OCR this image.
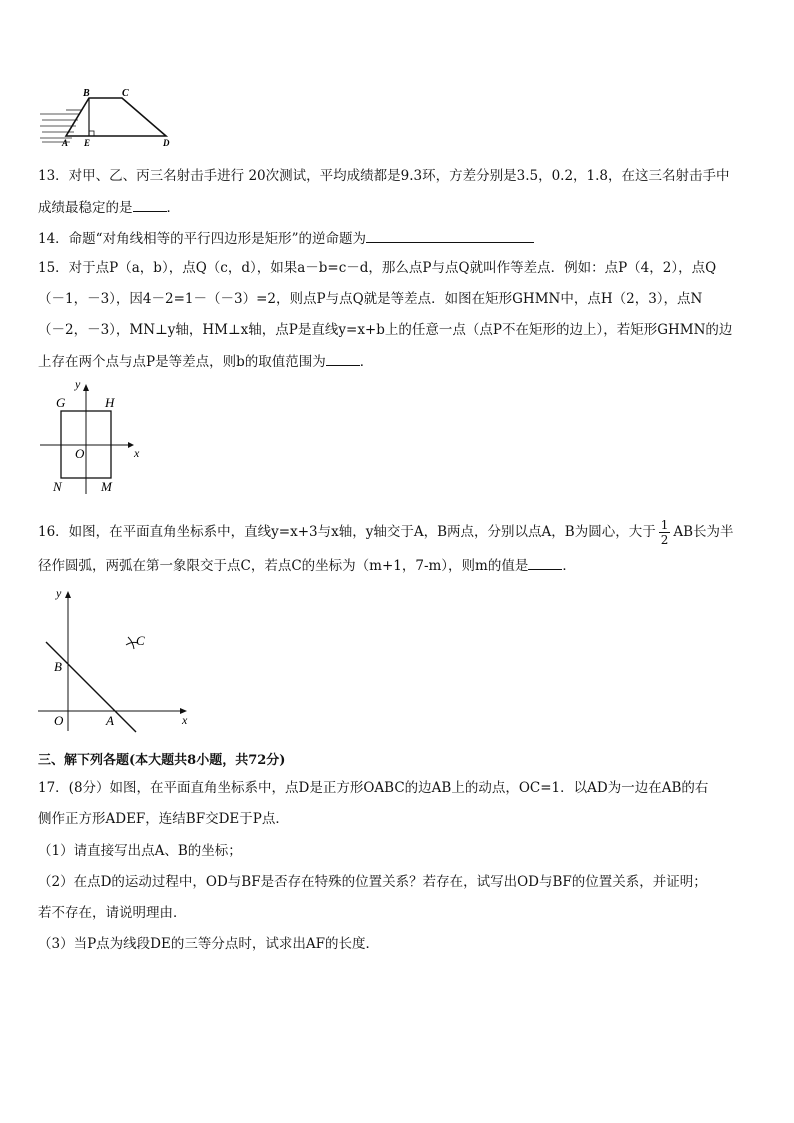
B	C
A E	D
13．对甲、乙、丙三名射击手进行 20次测试，平均成绩都是9.3环，方差分别是3.5，0.2，1.8，在这三名射击手中
成绩最稳定的是	．
14．命题“对角线相等的平行四边形是矩形”的逆命题为
15．对于点P（a，b），点Q（c，d），如果a－b=c－d，那么点P与点Q就叫作等差点．例如：点P（4，2），点Q
（－1，－3），因4－2=1－（－3）=2，则点P与点Q就是等差点．如图在矩形GHMN中，点H（2，3），点N
（－2，－3），MN⊥y轴，HM⊥x轴，点P是直线y=x+b上的任意一点（点P不在矩形的边上），若矩形GHMN的边
上存在两个点与点P是等差点，则b的取值范围为	．
y
x
G	H
O
N	M
16．如图，在平面直角坐标系中，直线y=x+3与x轴，y轴交于A，B两点，分别以点A，B为圆心，大于 $\frac{1}{2}$ AB长为半
径作圆弧，两弧在第一象限交于点C，若点C的坐标为（m+1，7-m），则m的值是	．
y
x
O	A
B
C
三、解下列各题(本大题共8小题，共72分)
17．(8分）如图，在平面直角坐标系中，点D是正方形OABC的边AB上的动点，OC=1．以AD为一边在AB的右
侧作正方形ADEF，连结BF交DE于P点．
（1）请直接写出点A、B的坐标；
（2）在点D的运动过程中，OD与BF是否存在特殊的位置关系？若存在，试写出OD与BF的位置关系，并证明；
若不存在，请说明理由．
（3）当P点为线段DE的三等分点时，试求出AF的长度．
